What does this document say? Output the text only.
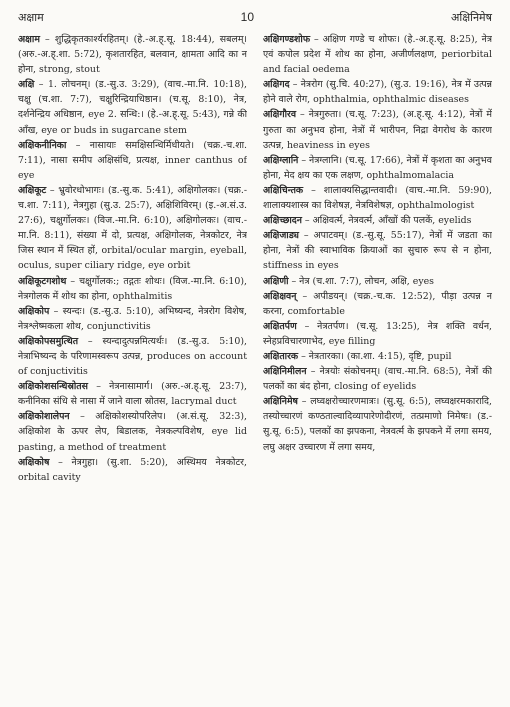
अक्षाम	10	अक्षिनिमेष

अक्षाम – शुद्धिकृतकार्श्यरहितम्। (हे.-अ.ह्.सू. 18:44), सबलम्। (अरु.-अ.ह्.शा. 5:72), कृशतारहित, बलवान, क्षामता आदि का न होना, strong, stout

अक्षि – 1. लोचनम्। (ड.-सु.उ. 3:29), (वाच.-मा.नि. 10:18), चक्षु (च.शा. 7:7), चक्षुरिन्द्रियाधिष्ठान। (च.सू. 8:10), नेत्र, दर्शनेन्द्रिय अधिष्ठान, eye 2. सन्धि:। (हे.-अ.ह्.सू. 5:43), गन्ने की आँख, eye or buds in sugarcane stem

अक्षिकनीनिका – नासायाः समक्षिसन्धिर्मिधीयते। (चक्र.-च.शा. 7:11), नासा समीप अक्षिसंधि, प्रत्यक्ष, inner canthus of eye

अक्षिकूट – भ्रुवोरधोभागः। (ड.-सु.क. 5:41), अक्षिगोलकः। (चक्र.-च.शा. 7:11), नेत्रगुहा (सु.उ. 25:7), अक्षिशिविरम्। (इ.-अ.सं.उ. 27:6), चक्षुर्गोलकः। (विज.-मा.नि. 6:10), अक्षिगोलकः। (वाच.-मा.नि. 8:11), संख्या में दो, प्रत्यक्ष, अक्षिगोलक, नेत्रकोटर, नेत्र जिस स्थान में स्थित हों, orbital/ocular margin, eyeball, oculus, super ciliary ridge, eye orbit

अक्षिकूटगशोथ – चक्षुर्गोलक:; तद्गतः शोथः। (विज.-मा.नि. 6:10), नेत्रगोलक में शोथ का होना, ophthalmitis

अक्षिकोप – स्यन्दः। (ड.-सु.उ. 5:10), अभिष्यन्द, नेत्ररोग विशेष, नेत्रश्लेष्मकला शोथ, conjunctivitis

अक्षिकोपसमुत्थित – स्यन्दादुत्पन्नमित्यर्थः। (ड.-सु.उ. 5:10), नेत्राभिष्यन्द के परिणामस्वरूप उत्पन्न, produces on account of conjuctivitis

अक्षिकोशसन्धिस्रोतस – नेत्रनासामार्ग। (अरु.-अ.ह्.सू. 23:7), कनीनिका संधि से नासा में जाने वाला स्रोतस, lacrymal duct

अक्षिकोशालेपन – अक्षिकोशस्योपरिलेप। (अ.सं.सू. 32:3), अक्षिकोश के ऊपर लेप, बिडालक, नेत्रकल्पविशेष, eye lid pasting, a method of treatment

अक्षिकोष – नेत्रगुहा। (सु.शा. 5:20), अस्थिमय नेत्रकोटर, orbital cavity

अक्षिगण्डशोफ – अक्षिण गण्डे च शोफः। (हे.-अ.ह्.सू. 8:25), नेत्र एवं कपोल प्रदेश में शोथ का होना, अजीर्णलक्षण, periorbital and facial oedema

अक्षिगद – नेत्ररोग (सु.चि. 40:27), (सु.उ. 19:16), नेत्र में उत्पन्न होने वाले रोग, ophthalmia, ophthalmic diseases

अक्षिगौरव – नेत्रगुरुता। (च.सू. 7:23), (अ.ह्.सू. 4:12), नेत्रों में गुरुता का अनुभव होना, नेत्रों में भारीपन, निद्रा वेगरोध के कारण उत्पन्न, heaviness in eyes

अक्षिग्लानि – नेत्रग्लानि। (च.सू. 17:66), नेत्रों में कृशता का अनुभव होना, मेद क्षय का एक लक्षण, ophthalmomalacia

अक्षिचिन्तक – शालाक्यसिद्धान्तवादी। (वाच.-मा.नि. 59:90), शालाक्यशास्त्र का विशेषज्ञ, नेत्रविशेषज्ञ, ophthalmologist

अक्षिच्छादन – अक्षिवर्त्म, नेत्रवर्त्म, आँखों की पलकें, eyelids

अक्षिजाड्य – अपाटवम्। (ड.-सु.सू. 55:17), नेत्रों में जडता का होना, नेत्रों की स्वाभाविक क्रियाओं का सुचारु रूप से न होना, stiffness in eyes

अक्षिणी – नेत्र (च.शा. 7:7), लोचन, अक्षि, eyes

अक्षिक्षवन् – अपीडयन्। (चक्र.-च.क. 12:52), पीड़ा उत्पन्न न करना, comfortable

अक्षितर्पण – नेत्रतर्पण। (च.सू. 13:25), नेत्र शक्ति वर्धन, स्नेहप्रविचारणाभेद, eye filling

अक्षितारक – नेत्रतारका। (का.शा. 4:15), दृष्टि, pupil

अक्षिनिमीलन – नेत्रयोः संकोचनम्। (वाच.-मा.नि. 68:5), नेत्रों की पलकों का बंद होना, closing of eyelids

अक्षिनिमेष – लघ्वक्षरोच्चारणमात्रः। (सु.सू. 6:5), लघ्वक्षरमकारादि, तस्योच्चारणं कण्ठताल्वादिव्यापारेणोदीरणं, तत्प्रमाणो निमेषः। (ड.-सु.सू. 6:5), पलकों का झपकना, नेत्रवर्त्म के झपकने में लगा समय, लघु अक्षर उच्चारण में लगा समय,
